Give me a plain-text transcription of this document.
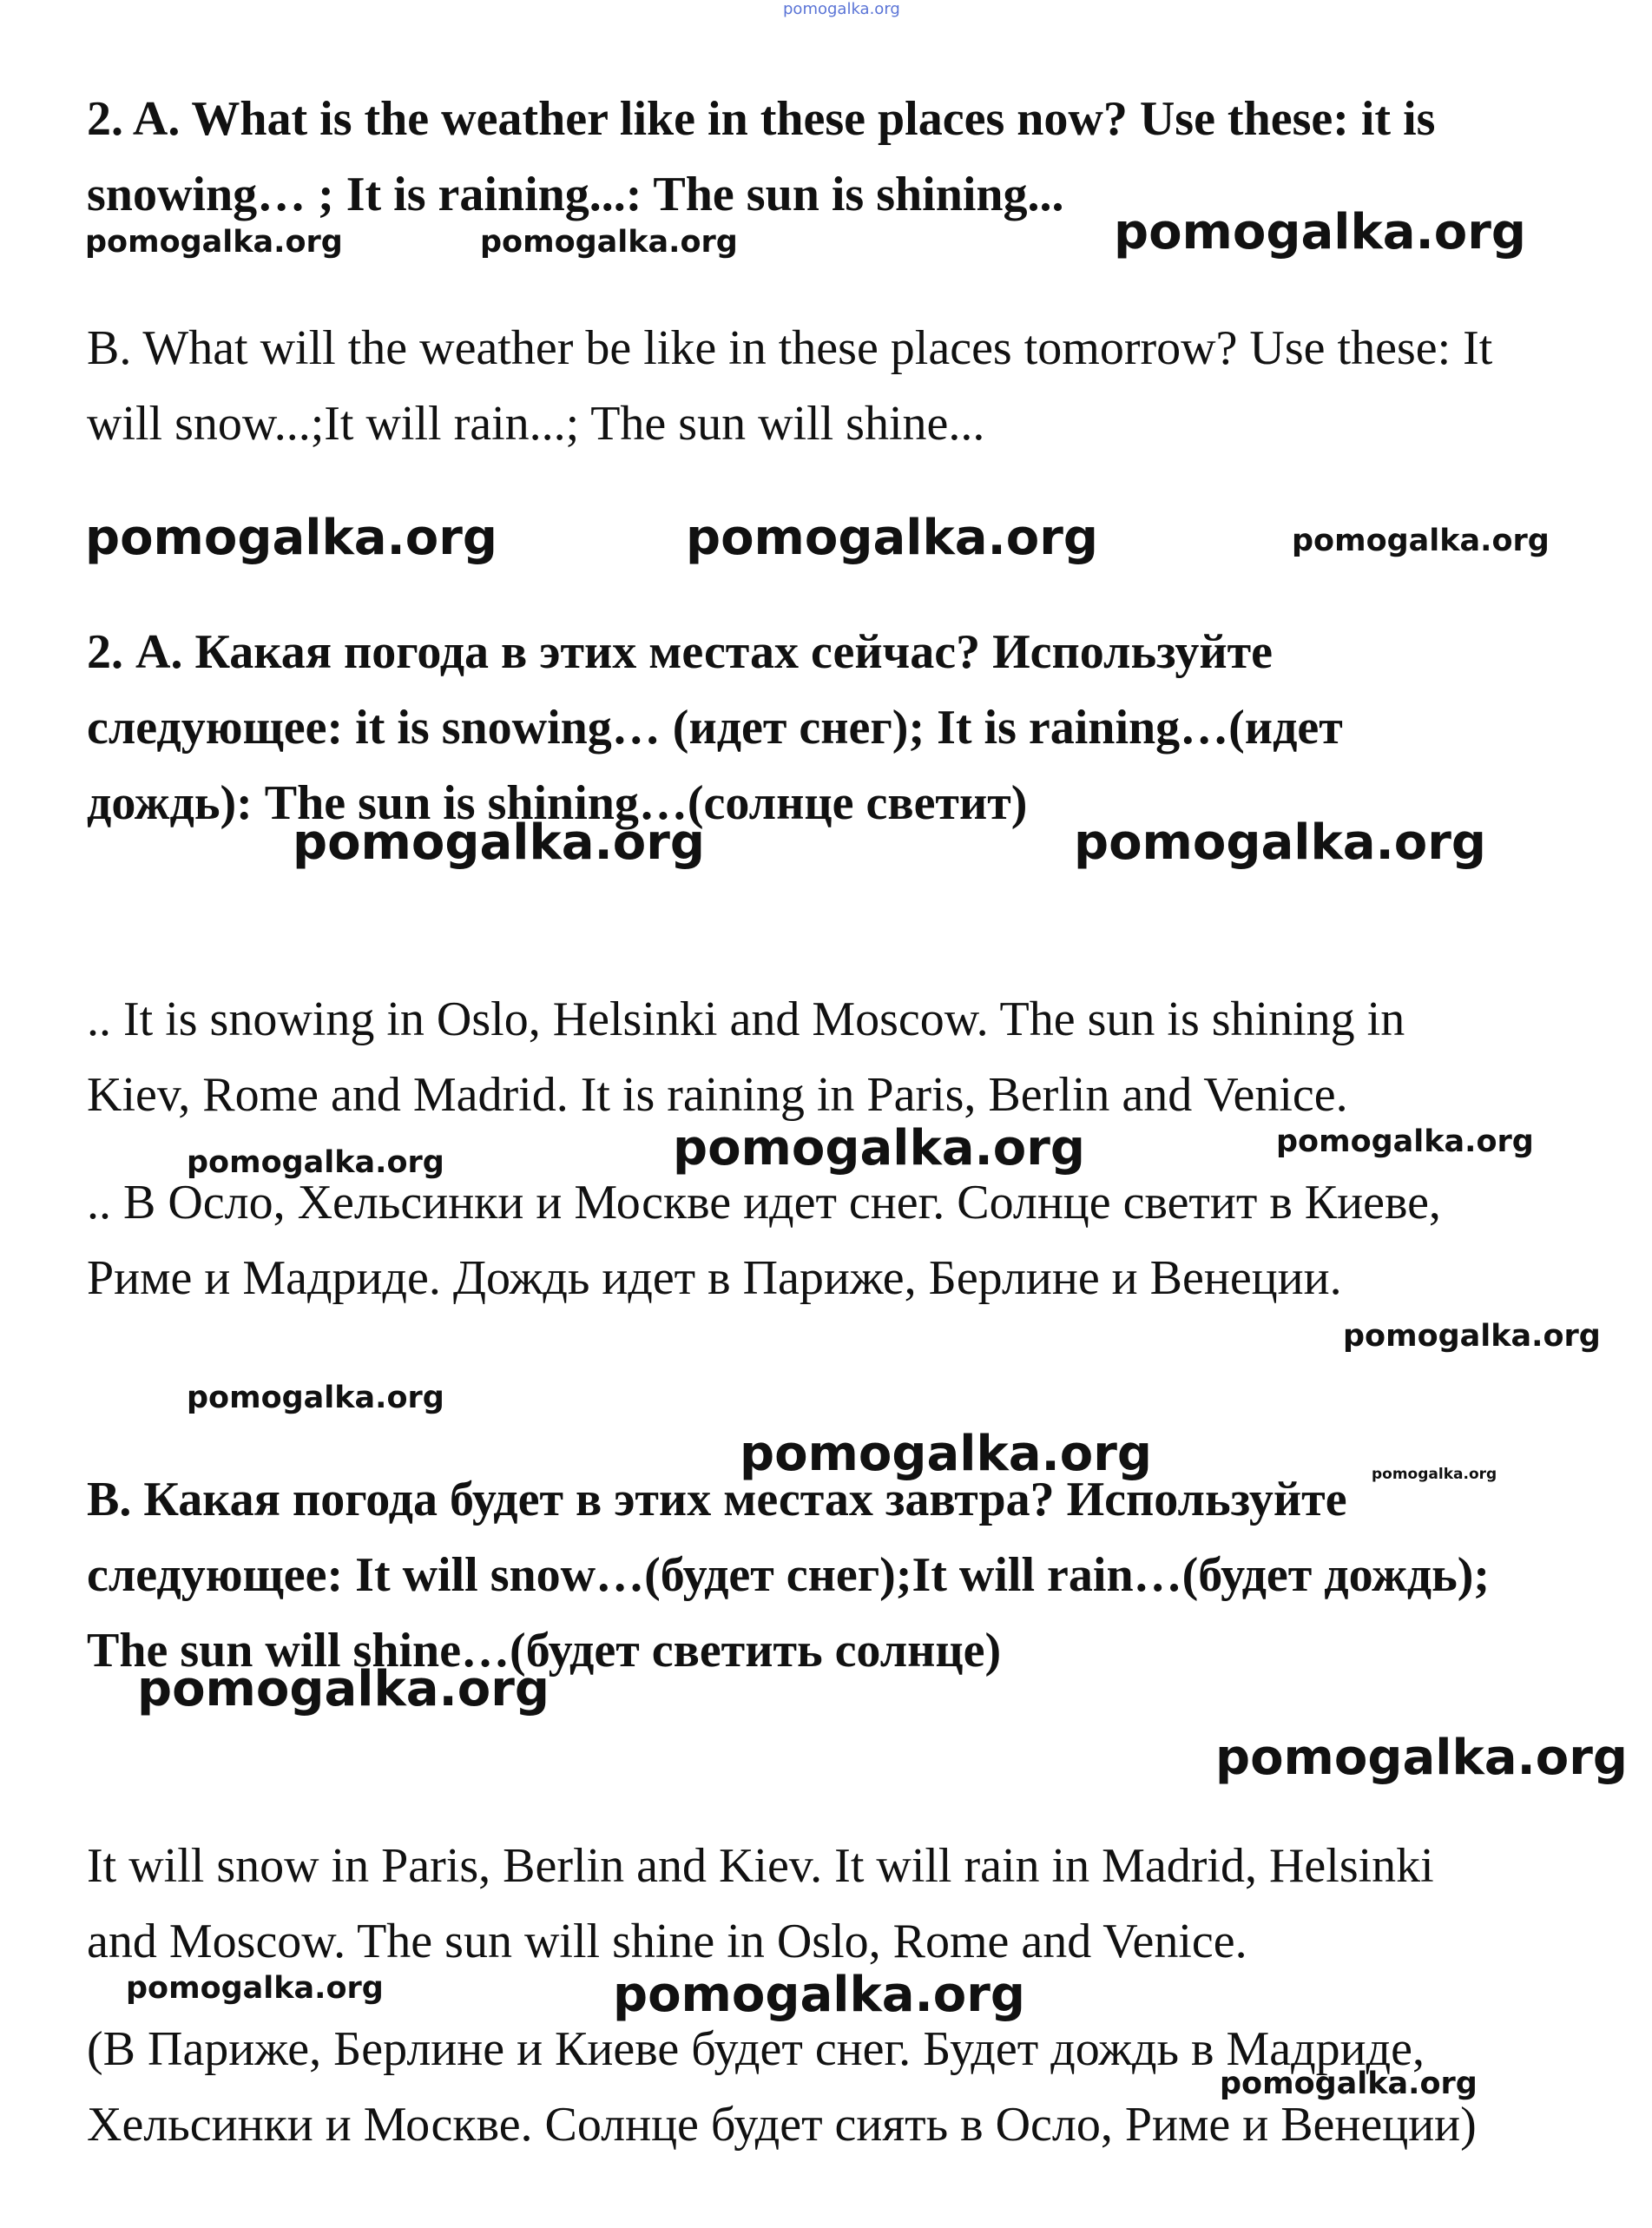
2. A. What is the weather like in these places now? Use these: it is
snowing… ; It is raining...: The sun is shining...
B. What will the weather be like in these places tomorrow? Use these: It
will snow...;It will rain...; The sun will shine...
2. А. Какая погода в этих местах сейчас? Используйте
следующее: it is snowing… (идет снег); It is raining…(идет
дождь): The sun is shining…(солнце светит)
.. It is snowing in Oslo, Helsinki and Moscow. The sun is shining in
Kiev, Rome and Madrid. It is raining in Paris, Berlin and Venice.
.. В Осло, Хельсинки и Москве идет снег. Солнце светит в Киеве,
Риме и Мадриде. Дождь идет в Париже, Берлине и Венеции.
B. Какая погода будет в этих местах завтра? Используйте
следующее: It will snow…(будет снег);It will rain…(будет дождь);
The sun will shine…(будет светить солнце)
It will snow in Paris, Berlin and Kiev. It will rain in Madrid, Helsinki
and Moscow. The sun will shine in Oslo, Rome and Venice.
(В Париже, Берлине и Киеве будет снег. Будет дождь в Мадриде,
Хельсинки и Москве. Солнце будет сиять в Осло, Риме и Венеции)
pomogalka.org
pomogalka.org	pomogalka.org	pomogalka.org
pomogalka.org	pomogalka.org	pomogalka.org
pomogalka.org	pomogalka.org
pomogalka.org	pomogalka.org	pomogalka.org
pomogalka.org
pomogalka.org
pomogalka.org	pomogalka.org
pomogalka.org
pomogalka.org
pomogalka.org	pomogalka.org
pomogalka.org
